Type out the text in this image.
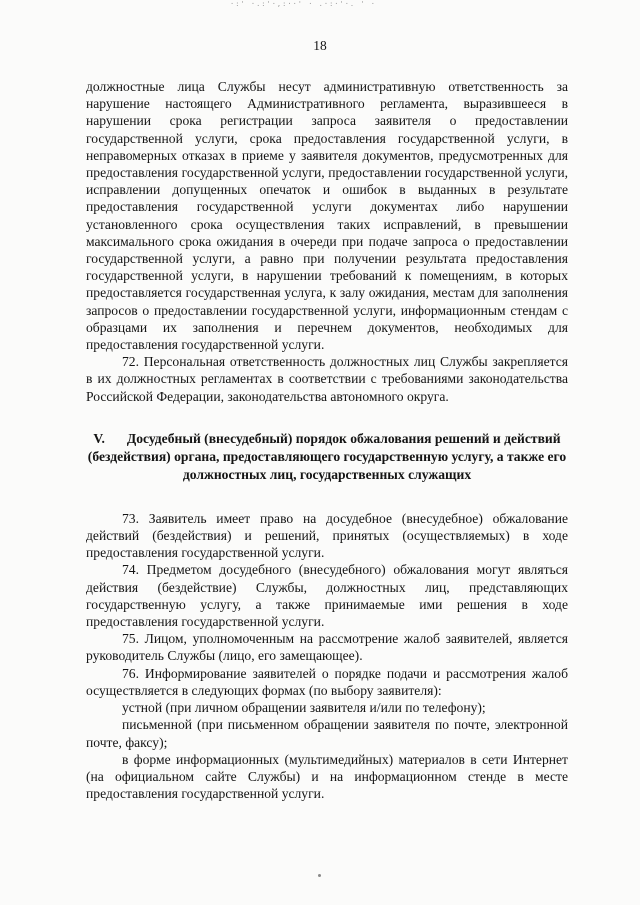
·:' ·.:'·,:··' · .·:·'·. ' ·
18

должностные лица Службы несут административную ответственность за нарушение настоящего Административного регламента, выразившееся в нарушении срока регистрации запроса заявителя о предоставлении государственной услуги, срока предоставления государственной услуги, в неправомерных отказах в приеме у заявителя документов, предусмотренных для предоставления государственной услуги, предоставлении государственной услуги, исправлении допущенных опечаток и ошибок в выданных в результате предоставления государственной услуги документах либо нарушении установленного срока осуществления таких исправлений, в превышении максимального срока ожидания в очереди при подаче запроса о предоставлении государственной услуги, а равно при получении результата предоставления государственной услуги, в нарушении требований к помещениям, в которых предоставляется государственная услуга, к залу ожидания, местам для заполнения запросов о предоставлении государственной услуги, информационным стендам с образцами их заполнения и перечнем документов, необходимых для предоставления государственной услуги.

72. Персональная ответственность должностных лиц Службы закрепляется в их должностных регламентах в соответствии с требованиями законодательства Российской Федерации, законодательства автономного округа.

V. Досудебный (внесудебный) порядок обжалования решений и действий (бездействия) органа, предоставляющего государственную услугу, а также его должностных лиц, государственных служащих

73. Заявитель имеет право на досудебное (внесудебное) обжалование действий (бездействия) и решений, принятых (осуществляемых) в ходе предоставления государственной услуги.

74. Предметом досудебного (внесудебного) обжалования могут являться действия (бездействие) Службы, должностных лиц, представляющих государственную услугу, а также принимаемые ими решения в ходе предоставления государственной услуги.

75. Лицом, уполномоченным на рассмотрение жалоб заявителей, является руководитель Службы (лицо, его замещающее).

76. Информирование заявителей о порядке подачи и рассмотрения жалоб осуществляется в следующих формах (по выбору заявителя):

устной (при личном обращении заявителя и/или по телефону);

письменной (при письменном обращении заявителя по почте, электронной почте, факсу);

в форме информационных (мультимедийных) материалов в сети Интернет (на официальном сайте Службы) и на информационном стенде в месте предоставления государственной услуги.
